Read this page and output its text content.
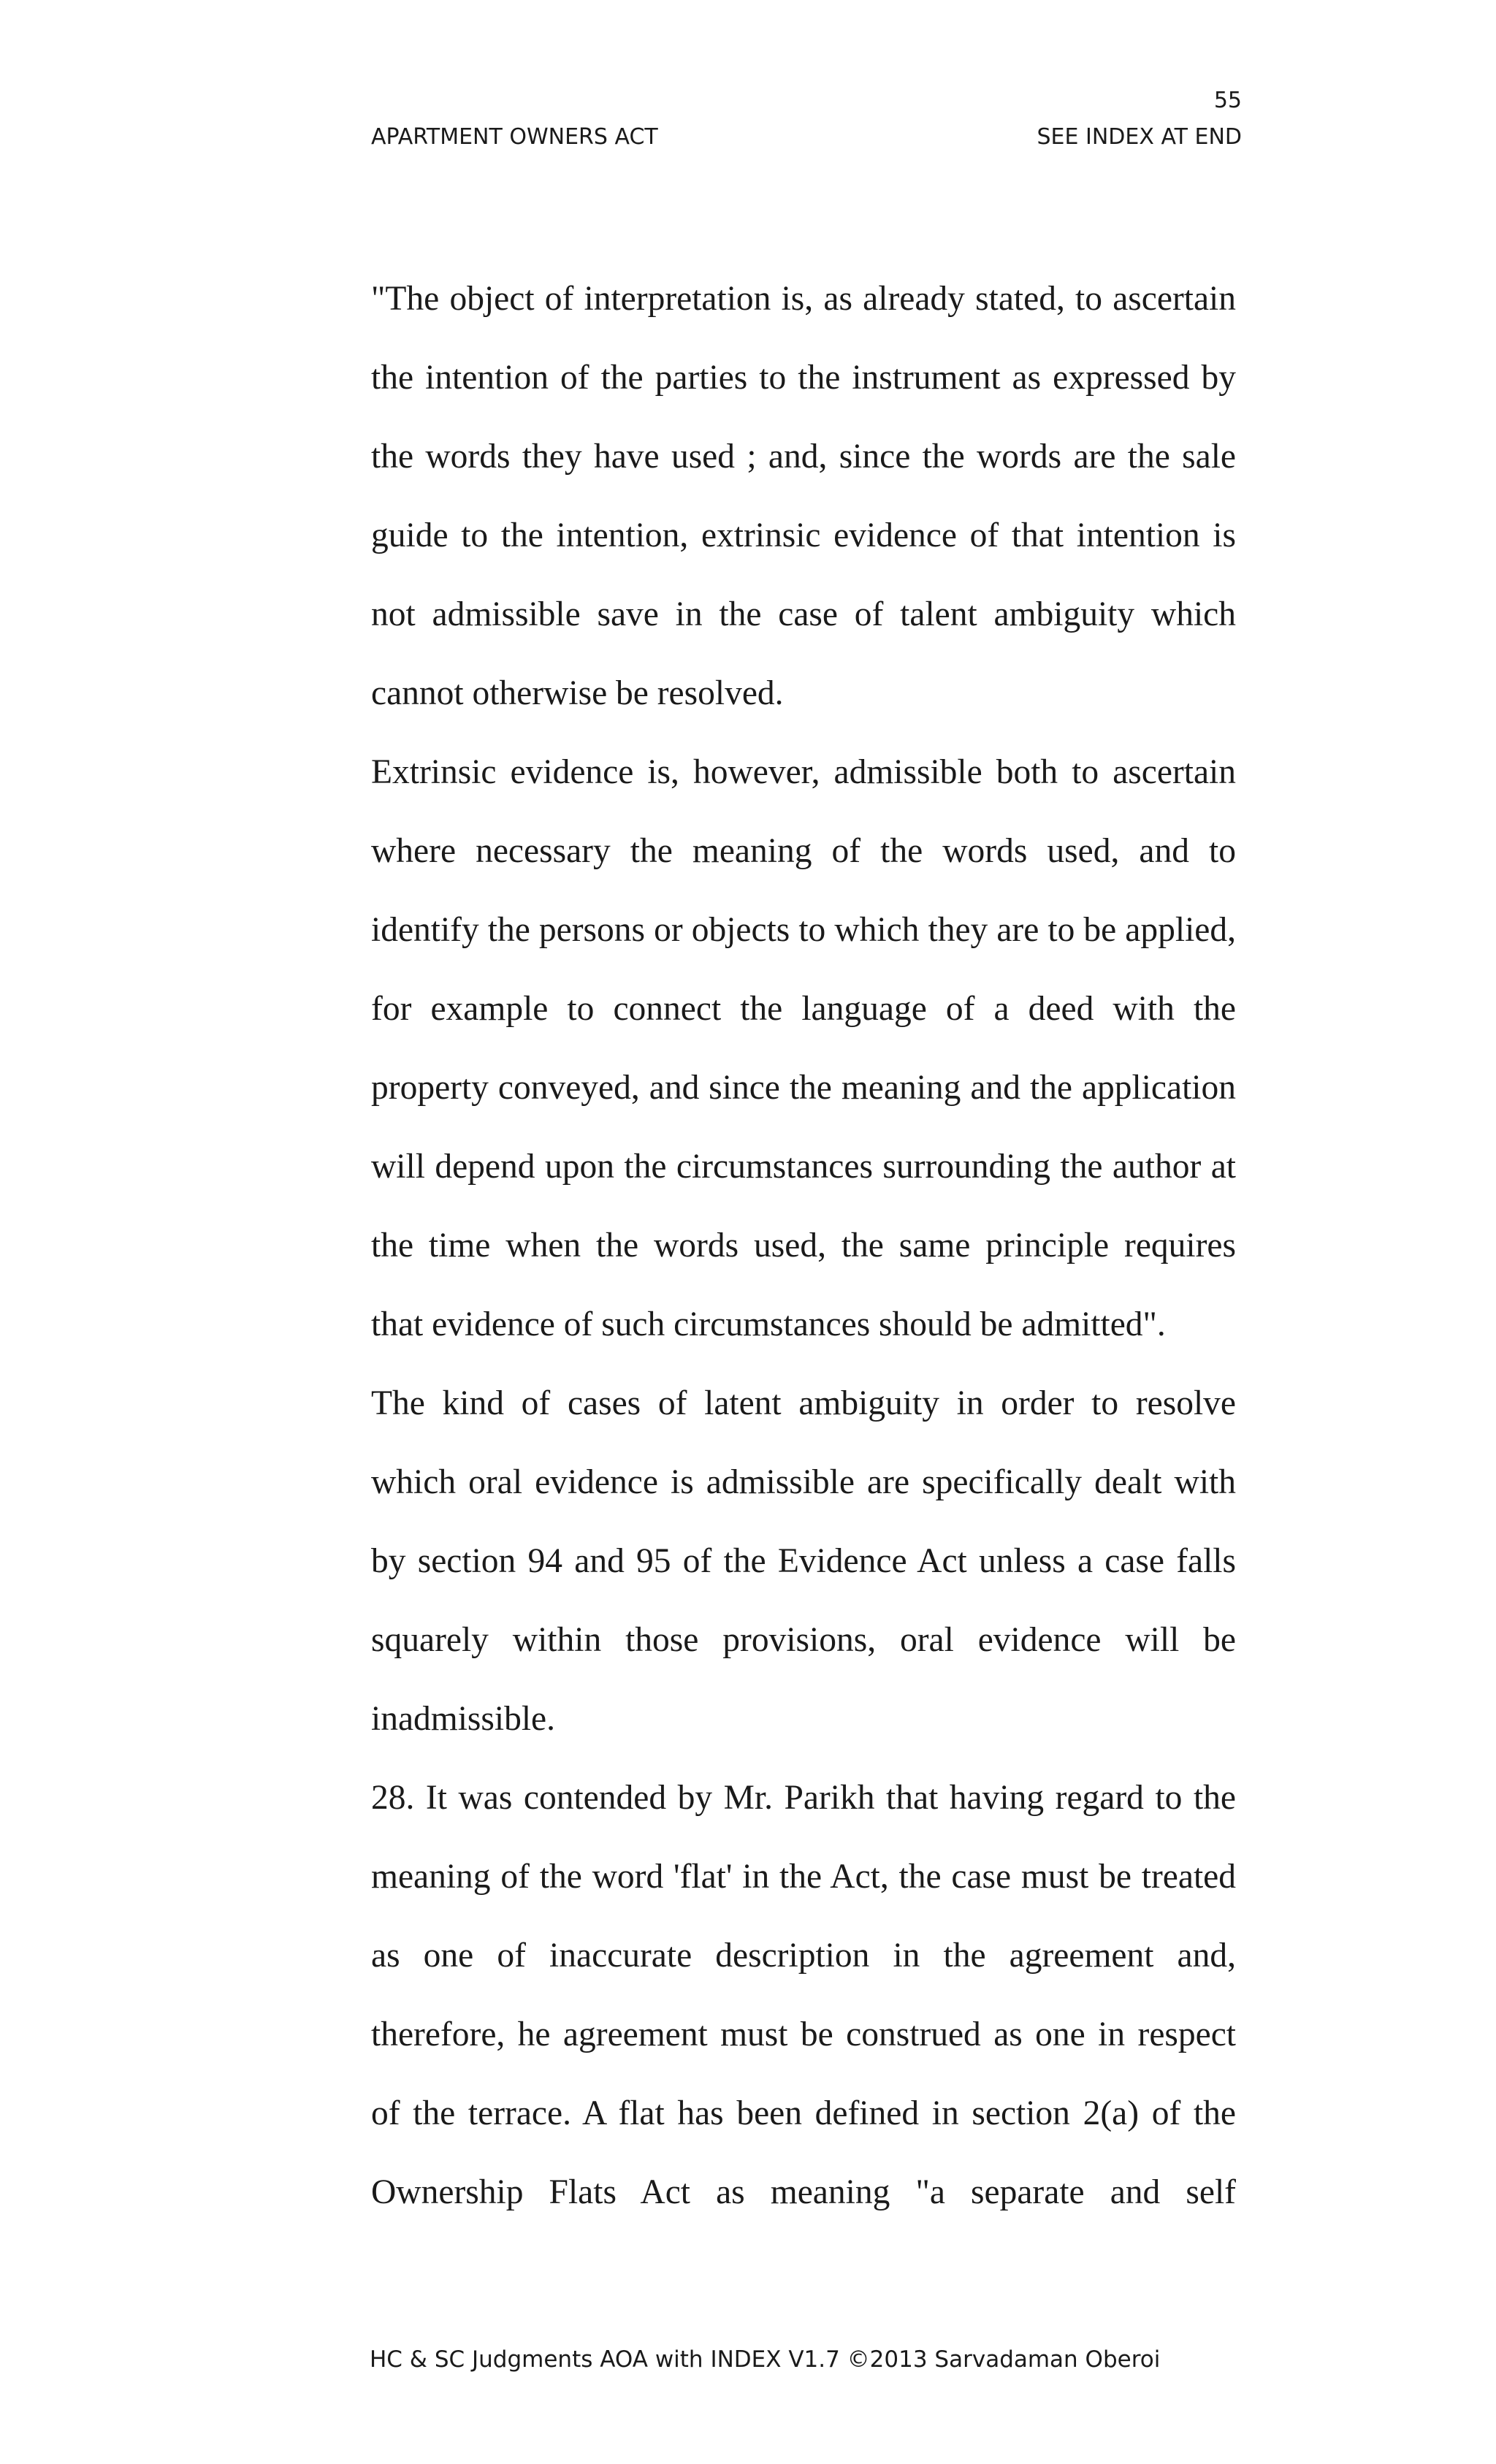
55
APARTMENT OWNERS ACT	SEE INDEX AT END

"The object of interpretation is, as already stated, to ascertain the intention of the parties to the instrument as expressed by the words they have used ; and, since the words are the sale guide to the intention, extrinsic evidence of that intention is not admissible save in the case of talent ambiguity which cannot otherwise be resolved.

Extrinsic evidence is, however, admissible both to ascertain where necessary the meaning of the words used, and to identify the persons or objects to which they are to be applied, for example to connect the language of a deed with the property conveyed, and since the meaning and the application will depend upon the circumstances surrounding the author at the time when the words used, the same principle requires that evidence of such circumstances should be admitted".

The kind of cases of latent ambiguity in order to resolve which oral evidence is admissible are specifically dealt with by section 94 and 95 of the Evidence Act unless a case falls squarely within those provisions, oral evidence will be inadmissible.

28. It was contended by Mr. Parikh that having regard to the meaning of the word 'flat' in the Act, the case must be treated as one of inaccurate description in the agreement and, therefore, he agreement must be construed as one in respect of the terrace. A flat has been defined in section 2(a) of the Ownership Flats Act as meaning "a separate and self

HC & SC Judgments AOA with INDEX V1.7 ©2013 Sarvadaman Oberoi
